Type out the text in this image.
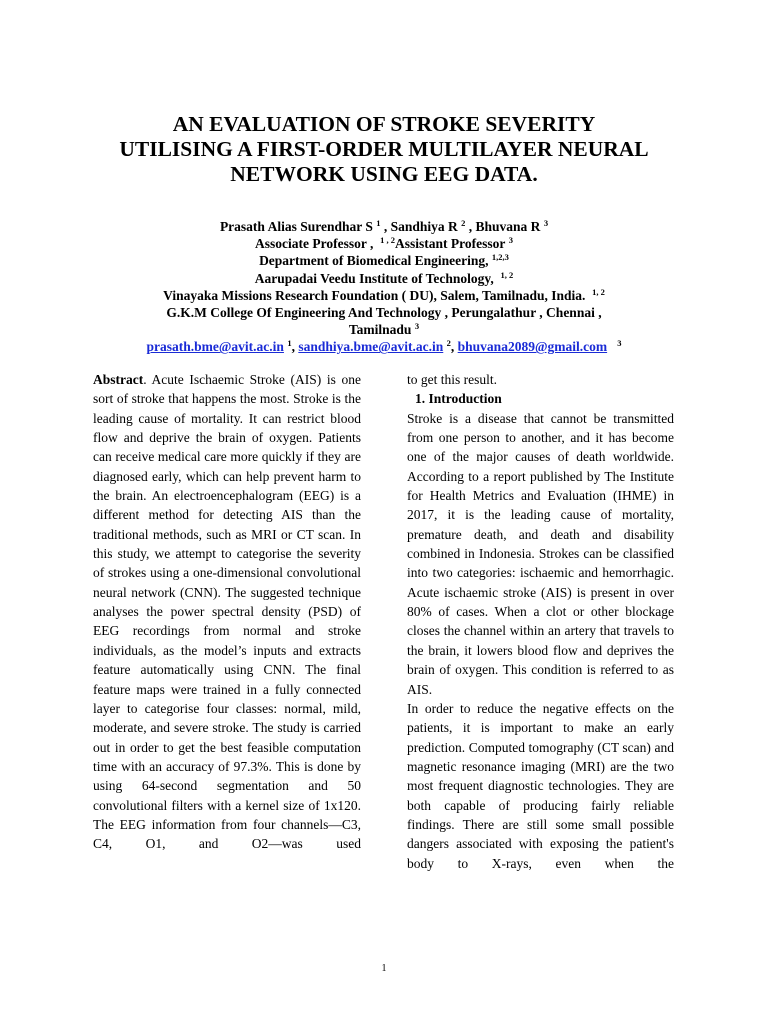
AN EVALUATION OF STROKE SEVERITY
UTILISING A FIRST-ORDER MULTILAYER NEURAL
NETWORK USING EEG DATA.
Prasath Alias Surendhar S $^1$ , Sandhiya R $^2$ , Bhuvana R $^3$
Associate Professor , $^{1 , 2}$Assistant Professor $^3$
Department of Biomedical Engineering, $^{1,2,3}$
Aarupadai Veedu Institute of Technology, $^{1, 2}$
Vinayaka Missions Research Foundation ( DU), Salem, Tamilnadu, India. $^{1, 2}$
G.K.M College Of Engineering And Technology , Perungalathur , Chennai ,
Tamilnadu $^3$
prasath.bme@avit.ac.in $^1$, sandhiya.bme@avit.ac.in $^2$, bhuvana2089@gmail.com $^3$

Abstract. Acute Ischaemic Stroke (AIS) is one sort of stroke that happens the most. Stroke is the leading cause of mortality. It can restrict blood flow and deprive the brain of oxygen. Patients can receive medical care more quickly if they are diagnosed early, which can help prevent harm to the brain. An electroencephalogram (EEG) is a different method for detecting AIS than the traditional methods, such as MRI or CT scan. In this study, we attempt to categorise the severity of strokes using a one-dimensional convolutional neural network (CNN). The suggested technique analyses the power spectral density (PSD) of EEG recordings from normal and stroke individuals, as the model’s inputs and extracts feature automatically using CNN. The final feature maps were trained in a fully connected layer to categorise four classes: normal, mild, moderate, and severe stroke. The study is carried out in order to get the best feasible computation time with an accuracy of 97.3%. This is done by using 64-second segmentation and 50 convolutional filters with a kernel size of 1x120. The EEG information from four channels—C3, C4, O1, and O2—was used

to get this result.

1. Introduction

Stroke is a disease that cannot be transmitted from one person to another, and it has become one of the major causes of death worldwide. According to a report published by The Institute for Health Metrics and Evaluation (IHME) in 2017, it is the leading cause of mortality, premature death, and death and disability combined in Indonesia. Strokes can be classified into two categories: ischaemic and hemorrhagic. Acute ischaemic stroke (AIS) is present in over 80% of cases. When a clot or other blockage closes the channel within an artery that travels to the brain, it lowers blood flow and deprives the brain of oxygen. This condition is referred to as AIS.

In order to reduce the negative effects on the patients, it is important to make an early prediction. Computed tomography (CT scan) and magnetic resonance imaging (MRI) are the two most frequent diagnostic technologies. They are both capable of producing fairly reliable findings. There are still some small possible dangers associated with exposing the patient's body to X-rays, even when the

1
